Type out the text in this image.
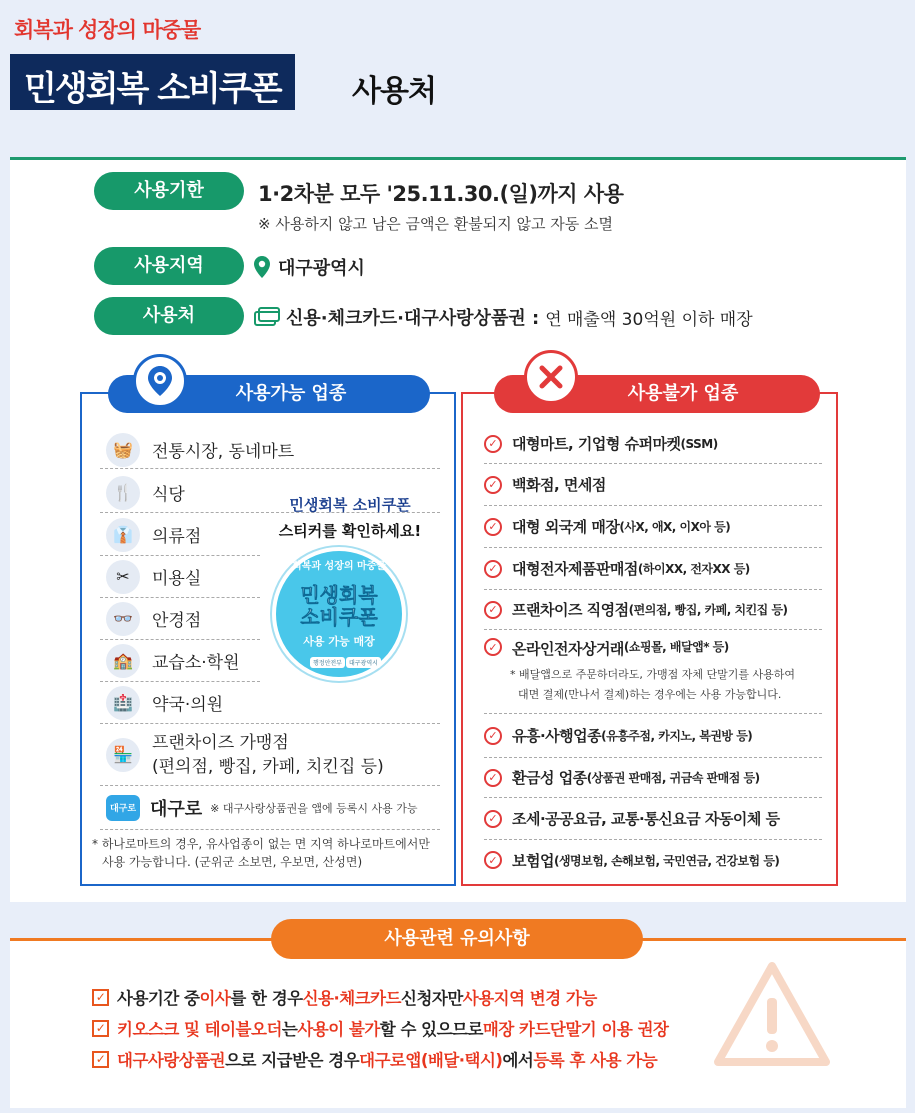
회복과 성장의 마중물
민생회복 소비쿠폰	사용처
사용기한	1·2차분 모두 '25.11.30.(일)까지 사용
※ 사용하지 않고 남은 금액은 환불되지 않고 자동 소멸
사용지역	대구광역시
사용처	신용·체크카드·대구사랑상품권 : 연 매출액 30억원 이하 매장
사용가능 업종
🧺	전통시장, 동네마트
🍴	식당
👔	의류점
✂	미용실
👓	안경점
🏫	교습소·학원
🏥	약국·의원
🏪
프랜차이즈 가맹점
(편의점, 빵집, 카페, 치킨집 등)
대구로 대구로 ※ 대구사랑상품권을 앱에 등록시 사용 가능
* 하나로마트의 경우, 유사업종이 없는 면 지역 하나로마트에서만
사용 가능합니다. (군위군 소보면, 우보면, 산성면)
민생회복 소비쿠폰
스티커를 확인하세요!
회복과 성장의 마중물
민생회복
소비쿠폰
사용 가능 매장
행정안전부	대구광역시
사용불가 업종
✓ 대형마트, 기업형 슈퍼마켓 (SSM)
✓ 백화점, 면세점
✓ 대형 외국계 매장 (사X, 애X, 이X아 등)
✓ 대형전자제품판매점 (하이XX, 전자XX 등)
✓ 프랜차이즈 직영점 (편의점, 빵집, 카페, 치킨집 등)
✓ 온라인전자상거래 (쇼핑몰, 배달앱* 등)
* 배달앱으로 주문하더라도, 가맹점 자체 단말기를 사용하여
대면 결제(만나서 결제)하는 경우에는 사용 가능합니다.
✓ 유흥·사행업종 (유흥주점, 카지노, 복권방 등)
✓ 환금성 업종 (상품권 판매점, 귀금속 판매점 등)
✓ 조세·공공요금, 교통·통신요금 자동이체 등
✓ 보험업 (생명보험, 손해보험, 국민연금, 건강보험 등)
사용관련 유의사항
✓ 사용기간 중 이사 를 한 경우 신용·체크카드 신청자만 사용지역 변경 가능
✓ 키오스크 및 테이블오더 는 사용이 불가 할 수 있으므로 매장 카드단말기 이용 권장
✓ 대구사랑상품권 으로 지급받은 경우 대구로앱(배달·택시) 에서 등록 후 사용 가능
